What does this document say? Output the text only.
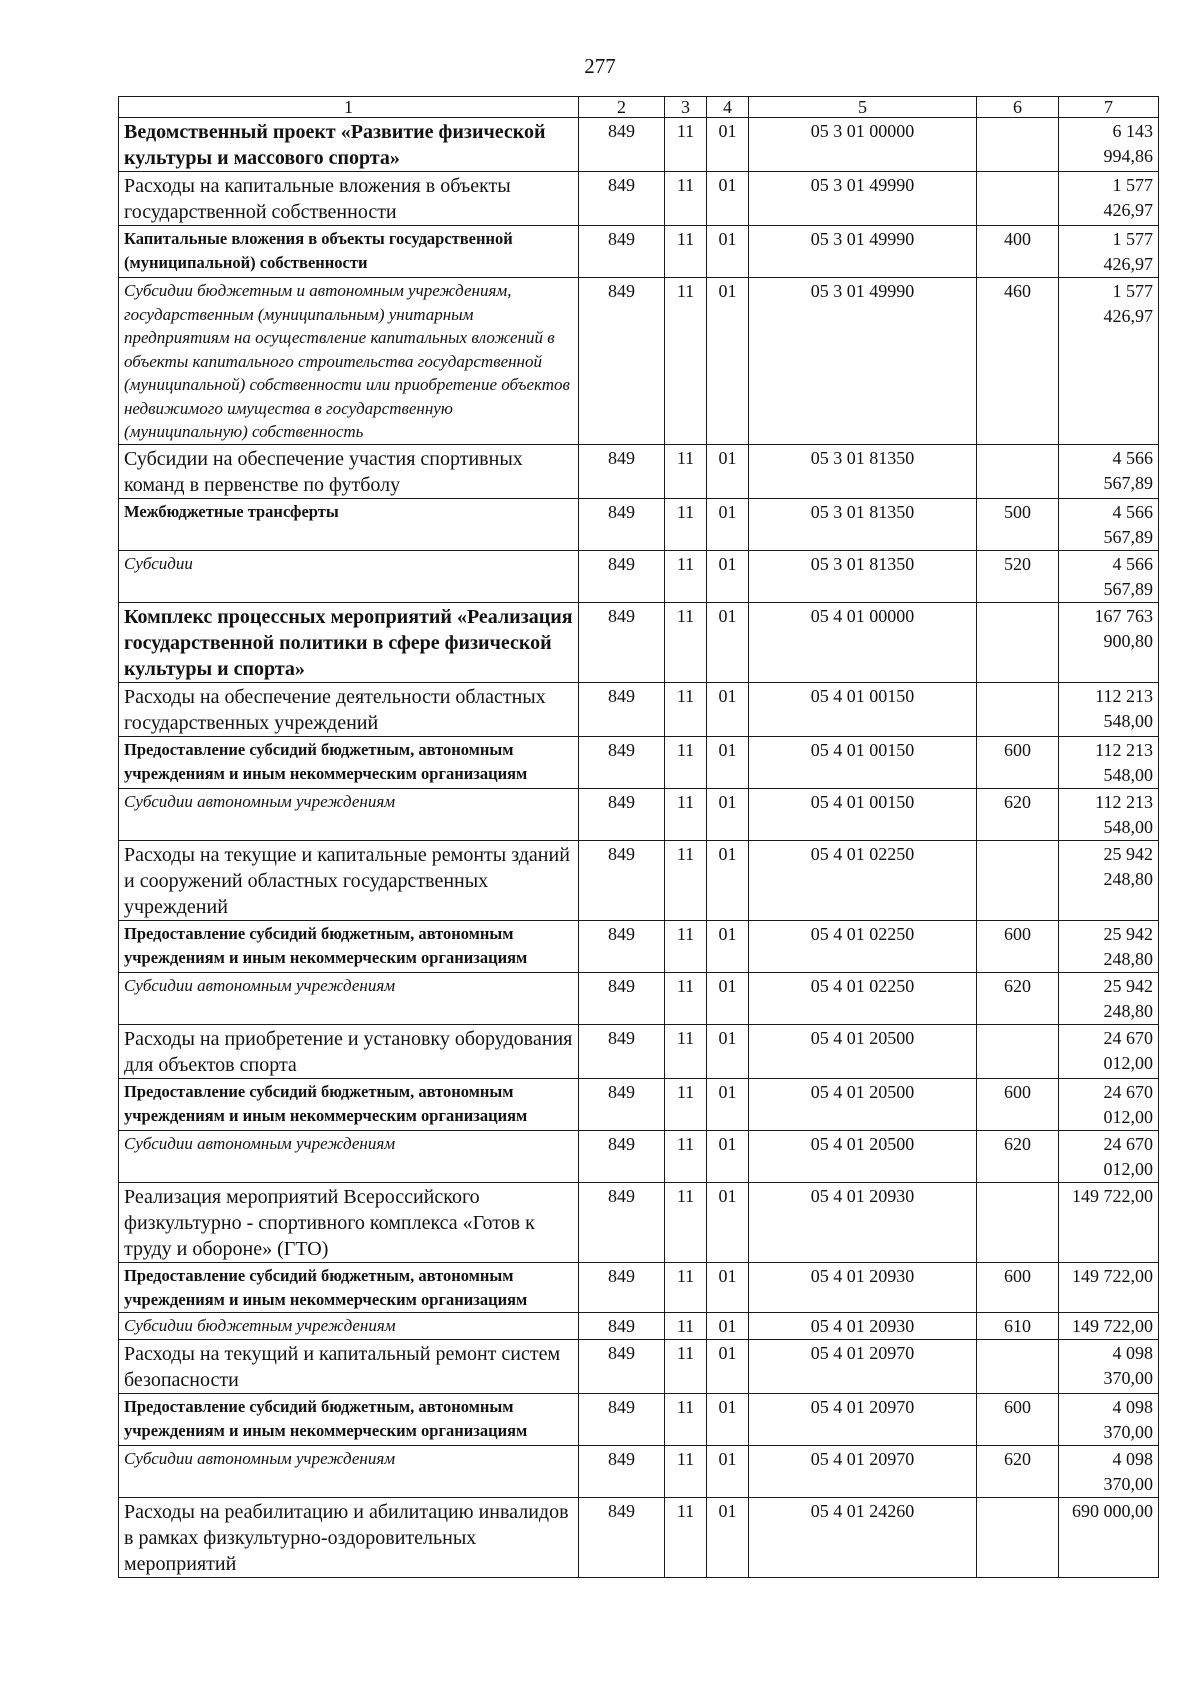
277
1	2	3	4	5	6	7
Ведомственный проект «Развитие физической культуры и массового спорта»	849	11	01	05 3 01 00000		6 143 994,86
Расходы на капитальные вложения в объекты государственной собственности	849	11	01	05 3 01 49990		1 577 426,97
Капитальные вложения в объекты государственной (муниципальной) собственности	849	11	01	05 3 01 49990	400	1 577 426,97
Субсидии бюджетным и автономным учреждениям, государственным (муниципальным) унитарным предприятиям на осуществление капитальных вложений в объекты капитального строительства государственной (муниципальной) собственности или приобретение объектов недвижимого имущества в государственную (муниципальную) собственность	849	11	01	05 3 01 49990	460	1 577 426,97
Субсидии на обеспечение участия спортивных команд в первенстве по футболу	849	11	01	05 3 01 81350		4 566 567,89
Межбюджетные трансферты	849	11	01	05 3 01 81350	500	4 566 567,89
Субсидии	849	11	01	05 3 01 81350	520	4 566 567,89
Комплекс процессных мероприятий «Реализация государственной политики в сфере физической культуры и спорта»	849	11	01	05 4 01 00000		167 763 900,80
Расходы на обеспечение деятельности областных государственных учреждений	849	11	01	05 4 01 00150		112 213 548,00
Предоставление субсидий бюджетным, автономным учреждениям и иным некоммерческим организациям	849	11	01	05 4 01 00150	600	112 213 548,00
Субсидии автономным учреждениям	849	11	01	05 4 01 00150	620	112 213 548,00
Расходы на текущие и капитальные ремонты зданий и сооружений областных государственных учреждений	849	11	01	05 4 01 02250		25 942 248,80
Предоставление субсидий бюджетным, автономным учреждениям и иным некоммерческим организациям	849	11	01	05 4 01 02250	600	25 942 248,80
Субсидии автономным учреждениям	849	11	01	05 4 01 02250	620	25 942 248,80
Расходы на приобретение и установку оборудования для объектов спорта	849	11	01	05 4 01 20500		24 670 012,00
Предоставление субсидий бюджетным, автономным учреждениям и иным некоммерческим организациям	849	11	01	05 4 01 20500	600	24 670 012,00
Субсидии автономным учреждениям	849	11	01	05 4 01 20500	620	24 670 012,00
Реализация мероприятий Всероссийского физкультурно - спортивного комплекса «Готов к труду и обороне» (ГТО)	849	11	01	05 4 01 20930		149 722,00
Предоставление субсидий бюджетным, автономным учреждениям и иным некоммерческим организациям	849	11	01	05 4 01 20930	600	149 722,00
Субсидии бюджетным учреждениям	849	11	01	05 4 01 20930	610	149 722,00
Расходы на текущий и капитальный ремонт систем безопасности	849	11	01	05 4 01 20970		4 098 370,00
Предоставление субсидий бюджетным, автономным учреждениям и иным некоммерческим организациям	849	11	01	05 4 01 20970	600	4 098 370,00
Субсидии автономным учреждениям	849	11	01	05 4 01 20970	620	4 098 370,00
Расходы на реабилитацию и абилитацию инвалидов в рамках физкультурно-оздоровительных мероприятий	849	11	01	05 4 01 24260		690 000,00
